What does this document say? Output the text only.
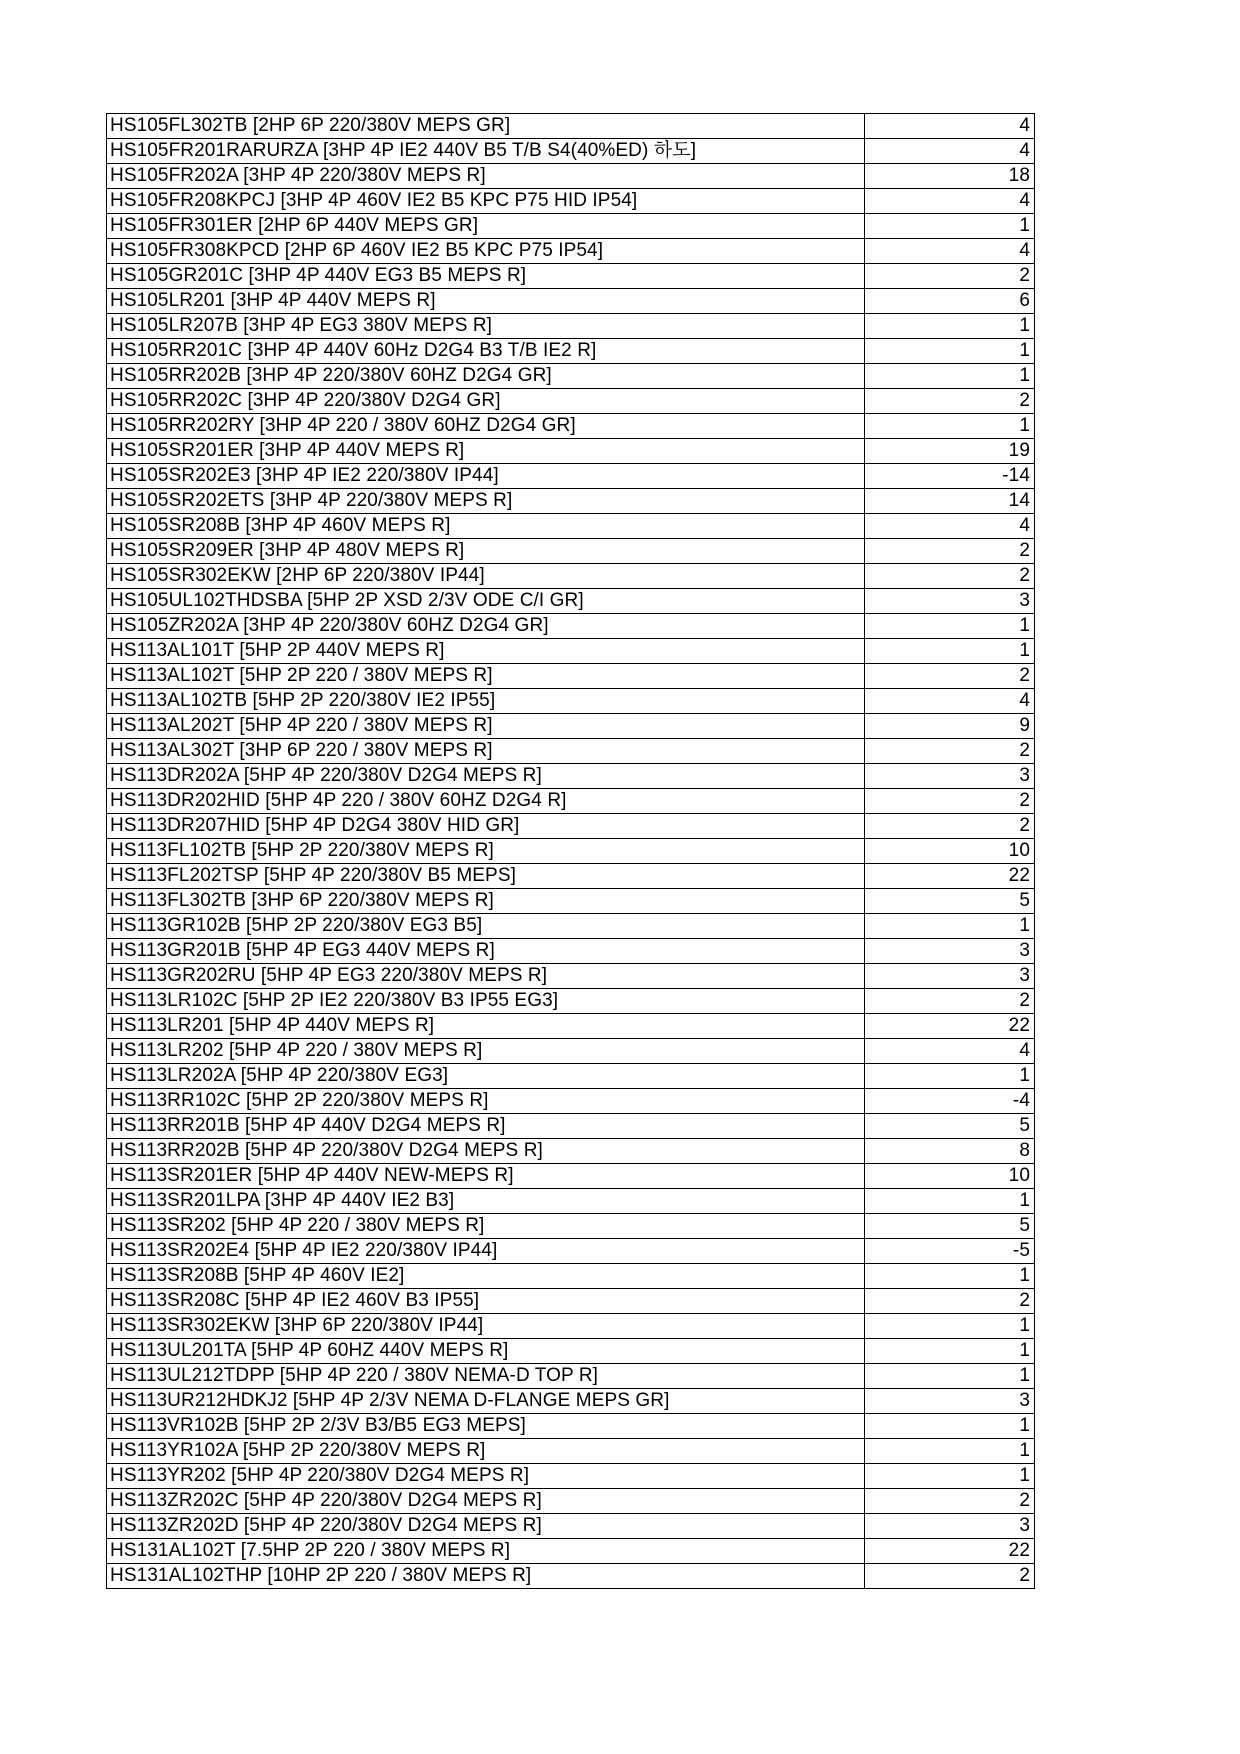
HS105FL302TB [2HP 6P 220/380V MEPS GR]	4
HS105FR201RARURZA [3HP 4P IE2 440V B5 T/B S4(40%ED) 하도]	4
HS105FR202A [3HP 4P 220/380V MEPS R]	18
HS105FR208KPCJ [3HP 4P 460V IE2 B5 KPC P75 HID IP54]	4
HS105FR301ER [2HP 6P 440V MEPS GR]	1
HS105FR308KPCD [2HP 6P 460V IE2 B5 KPC P75 IP54]	4
HS105GR201C [3HP 4P 440V EG3 B5 MEPS R]	2
HS105LR201 [3HP 4P 440V MEPS R]	6
HS105LR207B [3HP 4P EG3 380V MEPS R]	1
HS105RR201C [3HP 4P 440V 60Hz D2G4 B3 T/B IE2 R]	1
HS105RR202B [3HP 4P 220/380V 60HZ D2G4 GR]	1
HS105RR202C [3HP 4P 220/380V D2G4 GR]	2
HS105RR202RY [3HP 4P 220 / 380V 60HZ D2G4 GR]	1
HS105SR201ER [3HP 4P 440V MEPS R]	19
HS105SR202E3 [3HP 4P IE2 220/380V IP44]	-14
HS105SR202ETS [3HP 4P 220/380V MEPS R]	14
HS105SR208B [3HP 4P 460V MEPS R]	4
HS105SR209ER [3HP 4P 480V MEPS R]	2
HS105SR302EKW [2HP 6P 220/380V IP44]	2
HS105UL102THDSBA [5HP 2P XSD 2/3V ODE C/I GR]	3
HS105ZR202A [3HP 4P 220/380V 60HZ D2G4 GR]	1
HS113AL101T [5HP 2P 440V MEPS R]	1
HS113AL102T [5HP 2P 220 / 380V MEPS R]	2
HS113AL102TB [5HP 2P 220/380V IE2 IP55]	4
HS113AL202T [5HP 4P 220 / 380V MEPS R]	9
HS113AL302T [3HP 6P 220 / 380V MEPS R]	2
HS113DR202A [5HP 4P 220/380V D2G4 MEPS R]	3
HS113DR202HID [5HP 4P 220 / 380V 60HZ D2G4 R]	2
HS113DR207HID [5HP 4P D2G4 380V HID GR]	2
HS113FL102TB [5HP 2P 220/380V MEPS R]	10
HS113FL202TSP [5HP 4P 220/380V B5 MEPS]	22
HS113FL302TB [3HP 6P 220/380V MEPS R]	5
HS113GR102B [5HP 2P 220/380V EG3 B5]	1
HS113GR201B [5HP 4P EG3 440V MEPS R]	3
HS113GR202RU [5HP 4P EG3 220/380V MEPS R]	3
HS113LR102C [5HP 2P IE2 220/380V B3 IP55 EG3]	2
HS113LR201 [5HP 4P 440V MEPS R]	22
HS113LR202 [5HP 4P 220 / 380V MEPS R]	4
HS113LR202A [5HP 4P 220/380V EG3]	1
HS113RR102C [5HP 2P 220/380V MEPS R]	-4
HS113RR201B [5HP 4P 440V D2G4 MEPS R]	5
HS113RR202B [5HP 4P 220/380V D2G4 MEPS R]	8
HS113SR201ER [5HP 4P 440V NEW-MEPS R]	10
HS113SR201LPA [3HP 4P 440V IE2 B3]	1
HS113SR202 [5HP 4P 220 / 380V MEPS R]	5
HS113SR202E4 [5HP 4P IE2 220/380V IP44]	-5
HS113SR208B [5HP 4P 460V IE2]	1
HS113SR208C [5HP 4P IE2 460V B3 IP55]	2
HS113SR302EKW [3HP 6P 220/380V IP44]	1
HS113UL201TA [5HP 4P 60HZ 440V MEPS R]	1
HS113UL212TDPP [5HP 4P 220 / 380V NEMA-D TOP R]	1
HS113UR212HDKJ2 [5HP 4P 2/3V NEMA D-FLANGE MEPS GR]	3
HS113VR102B [5HP 2P 2/3V B3/B5 EG3 MEPS]	1
HS113YR102A [5HP 2P 220/380V MEPS R]	1
HS113YR202 [5HP 4P 220/380V D2G4 MEPS R]	1
HS113ZR202C [5HP 4P 220/380V D2G4 MEPS R]	2
HS113ZR202D [5HP 4P 220/380V D2G4 MEPS R]	3
HS131AL102T [7.5HP 2P 220 / 380V MEPS R]	22
HS131AL102THP [10HP 2P 220 / 380V MEPS R]	2
